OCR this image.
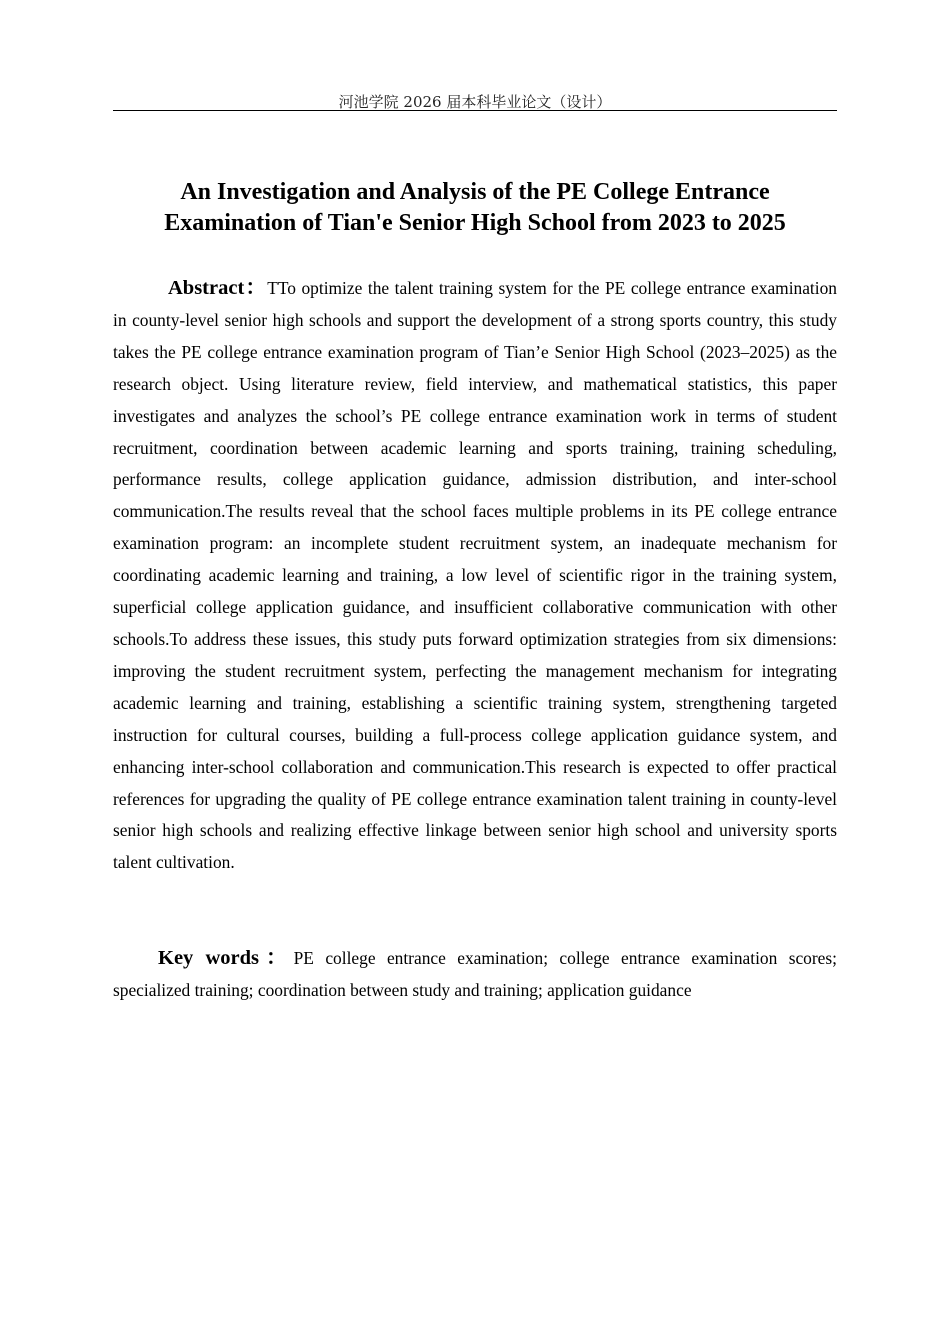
河池学院 2026 届本科毕业论文（设计）
An Investigation and Analysis of the PE College Entrance
Examination of Tian'e Senior High School from 2023 to 2025
Abstract：TTo optimize the talent training system for the PE college entrance examination in county-level senior high schools and support the development of a strong sports country, this study takes the PE college entrance examination program of Tian’e Senior High School (2023–2025) as the research object. Using literature review, field interview, and mathematical statistics, this paper investigates and analyzes the school’s PE college entrance examination work in terms of student recruitment, coordination between academic learning and sports training, training scheduling, performance results, college application guidance, admission distribution, and inter-school communication.The results reveal that the school faces multiple problems in its PE college entrance examination program: an incomplete student recruitment system, an inadequate mechanism for coordinating academic learning and training, a low level of scientific rigor in the training system, superficial college application guidance, and insufficient collaborative communication with other schools.To address these issues, this study puts forward optimization strategies from six dimensions: improving the student recruitment system, perfecting the management mechanism for integrating academic learning and training, establishing a scientific training system, strengthening targeted instruction for cultural courses, building a full-process college application guidance system, and enhancing inter-school collaboration and communication.This research is expected to offer practical references for upgrading the quality of PE college entrance examination talent training in county-level senior high schools and realizing effective linkage between senior high school and university sports talent cultivation.
Key words：PE college entrance examination; college entrance examination scores; specialized training; coordination between study and training; application guidance
